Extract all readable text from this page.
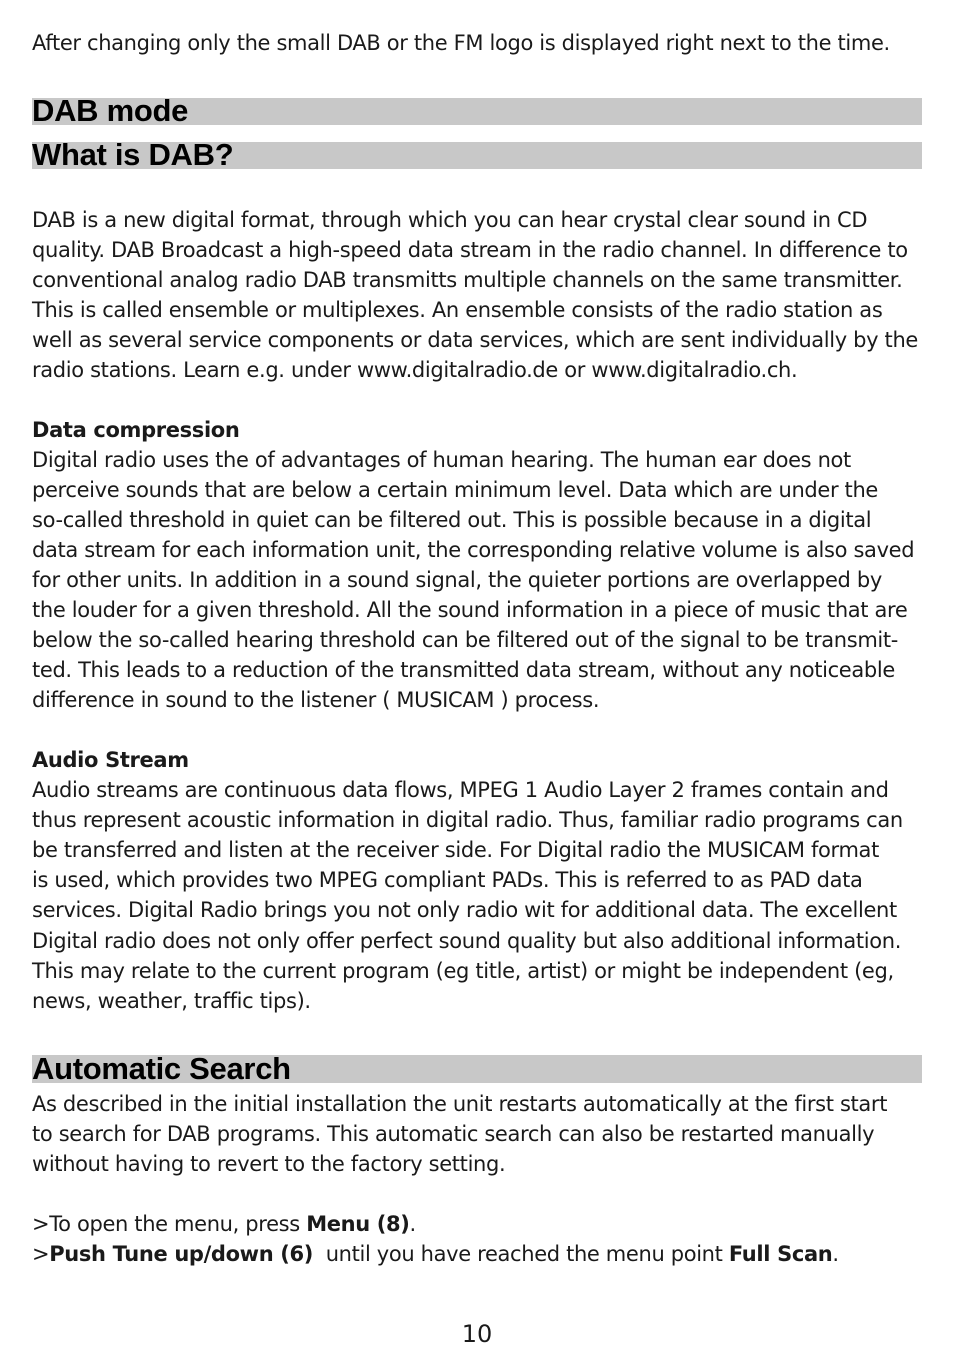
After changing only the small DAB or the FM logo is displayed right next to the time.
DAB mode
What is DAB?
DAB is a new digital format, through which you can hear crystal clear sound in CD
quality. DAB Broadcast a high-speed data stream in the radio channel. In difference to
conventional analog radio DAB transmitts multiple channels on the same transmitter.
This is called ensemble or multiplexes. An ensemble consists of the radio station as
well as several service components or data services, which are sent individually by the
radio stations. Learn e.g. under www.digitalradio.de or www.digitalradio.ch.
Data compression
Digital radio uses the of advantages of human hearing. The human ear does not
perceive sounds that are below a certain minimum level. Data which are under the
so-called threshold in quiet can be filtered out. This is possible because in a digital
data stream for each information unit, the corresponding relative volume is also saved
for other units. In addition in a sound signal, the quieter portions are overlapped by
the louder for a given threshold. All the sound information in a piece of music that are
below the so-called hearing threshold can be filtered out of the signal to be transmit-
ted. This leads to a reduction of the transmitted data stream, without any noticeable
difference in sound to the listener ( MUSICAM ) process.
Audio Stream
Audio streams are continuous data flows, MPEG 1 Audio Layer 2 frames contain and
thus represent acoustic information in digital radio. Thus, familiar radio programs can
be transferred and listen at the receiver side. For Digital radio the MUSICAM format
is used, which provides two MPEG compliant PADs. This is referred to as PAD data
services. Digital Radio brings you not only radio wit for additional data. The excellent
Digital radio does not only offer perfect sound quality but also additional information.
This may relate to the current program (eg title, artist) or might be independent (eg,
news, weather, traffic tips).
Automatic Search
As described in the initial installation the unit restarts automatically at the first start
to search for DAB programs. This automatic search can also be restarted manually
without having to revert to the factory setting.
>To open the menu, press Menu (8).
>Push Tune up/down (6)  until you have reached the menu point Full Scan.
10
